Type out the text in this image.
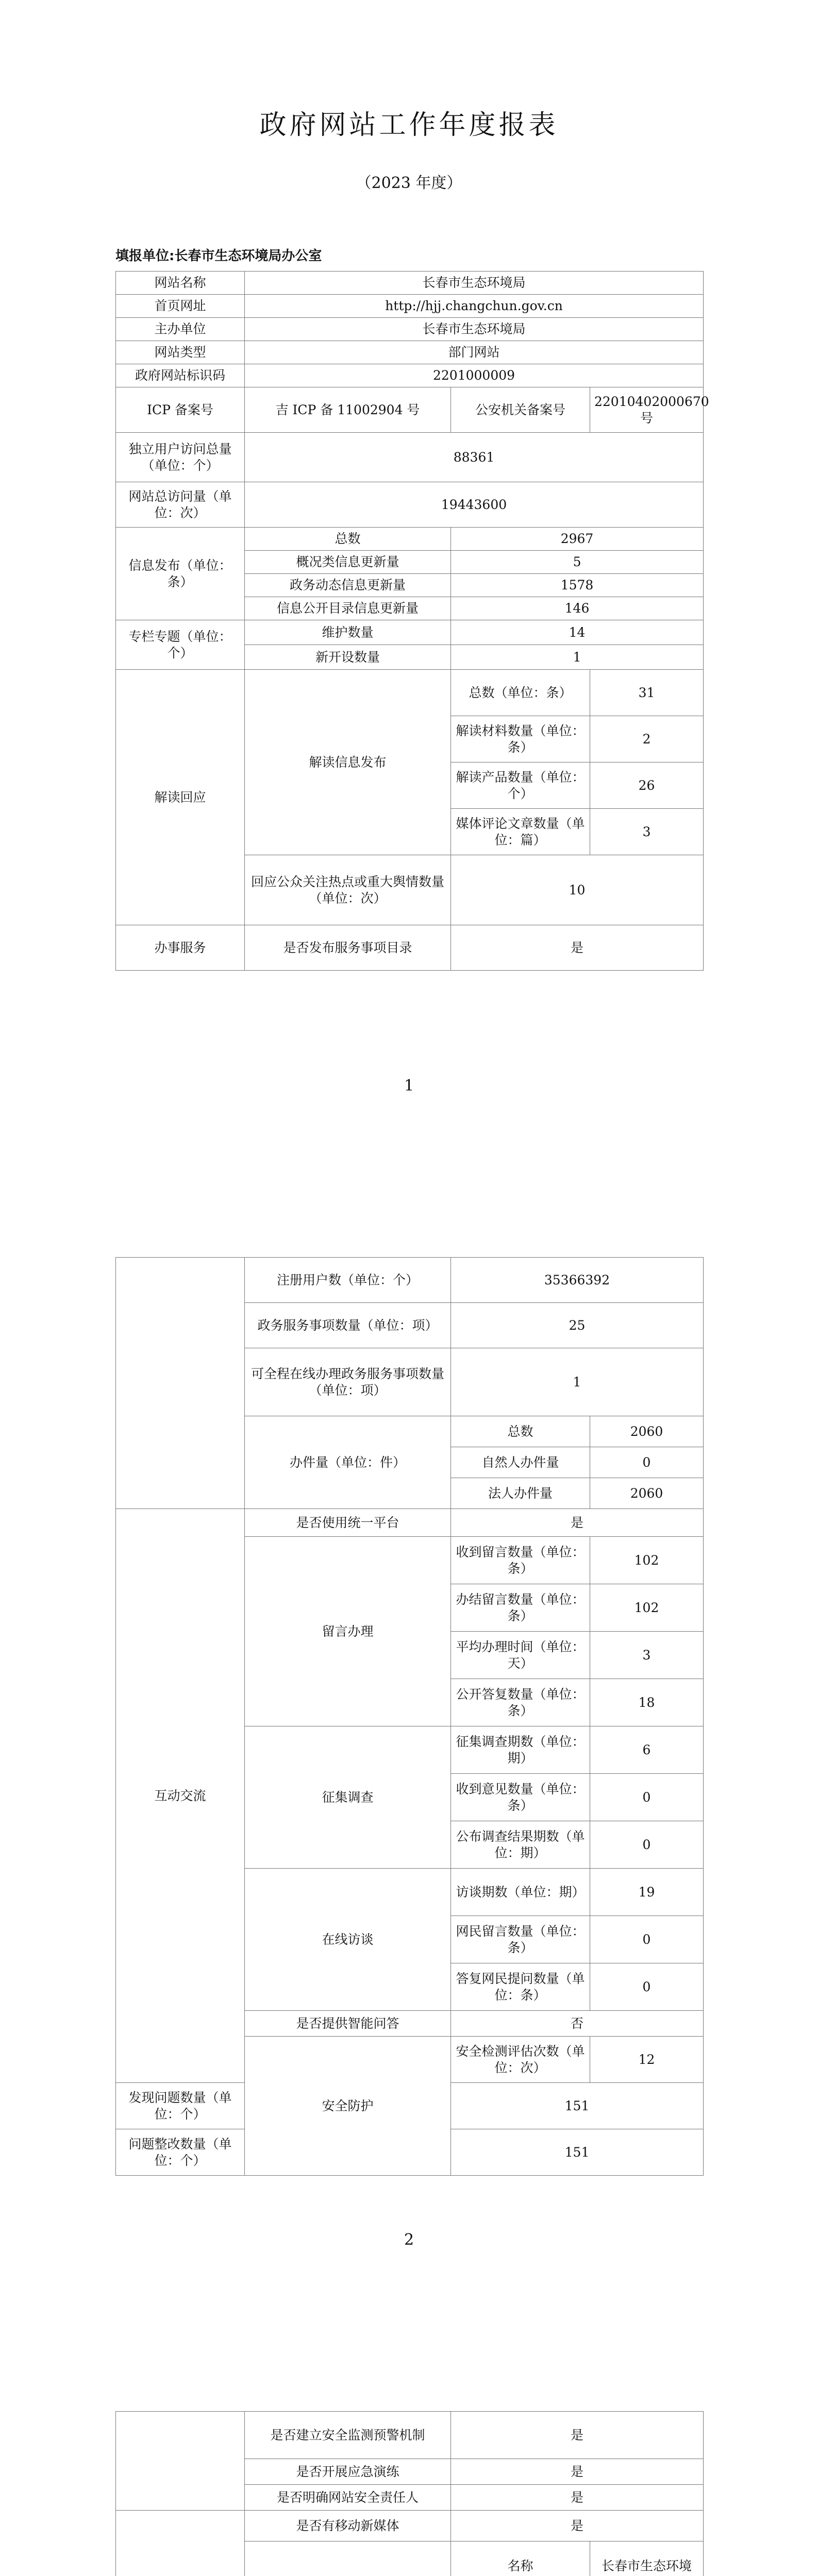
政府网站工作年度报表
（2023 年度）
填报单位:长春市生态环境局办公室
网站名称	长春市生态环境局		
首页网址	http://hjj.changchun.gov.cn		
主办单位	长春市生态环境局		
网站类型	部门网站		
政府网站标识码	2201000009		
ICP 备案号	吉 ICP 备 11002904 号	公安机关备案号	22010402000670 号
独立用户访问总量（单位：个）	88361		
网站总访问量（单位：次）	19443600		
信息发布（单位：条）	总数	2967	
	概况类信息更新量	5	
	政务动态信息更新量	1578	
	信息公开目录信息更新量	146	
专栏专题（单位：个）	维护数量	14	
	新开设数量	1	
解读回应	解读信息发布	总数（单位：条）	31
		解读材料数量（单位：条）	2
		解读产品数量（单位：个）	26
		媒体评论文章数量（单位：篇）	3
	回应公众关注热点或重大舆情数量（单位：次）	10	
办事服务	是否发布服务事项目录	是	
1
	注册用户数（单位：个）	35366392	
	政务服务事项数量（单位：项）	25	
	可全程在线办理政务服务事项数量（单位：项）	1	
	办件量（单位：件）	总数	2060
		自然人办件量	0
		法人办件量	2060
互动交流	是否使用统一平台	是	
	留言办理	收到留言数量（单位：条）	102
		办结留言数量（单位：条）	102
		平均办理时间（单位：天）	3
		公开答复数量（单位：条）	18
	征集调查	征集调查期数（单位：期）	6
		收到意见数量（单位：条）	0
		公布调查结果期数（单位：期）	0
	在线访谈	访谈期数（单位：期）	19
		网民留言数量（单位：条）	0
		答复网民提问数量（单位：条）	0
	是否提供智能问答	否	
	安全防护	安全检测评估次数（单位：次）	12
发现问题数量（单位：个）		151	
问题整改数量（单位：个）		151	
2
	是否建立安全监测预警机制	是	
	是否开展应急演练	是	
	是否明确网站安全责任人	是	
	是否有移动新媒体	是	
	名称	长春市生态环境
